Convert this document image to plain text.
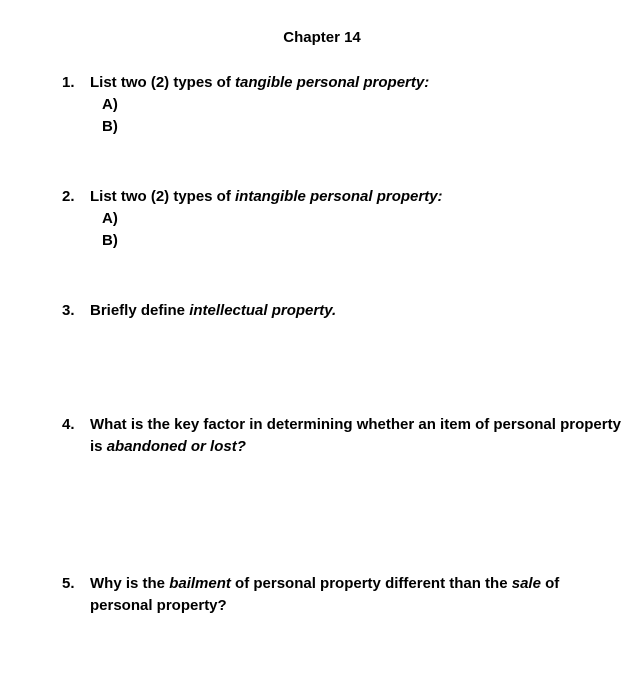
Chapter 14
1.	List two (2) types of tangible personal property:
A)
B)
2.	List two (2) types of intangible personal property:
A)
B)
3.	Briefly define intellectual property.
4.	What is the key factor in determining whether an item of personal property is abandoned or lost?
5.	Why is the bailment of personal property different than the sale of personal property?
